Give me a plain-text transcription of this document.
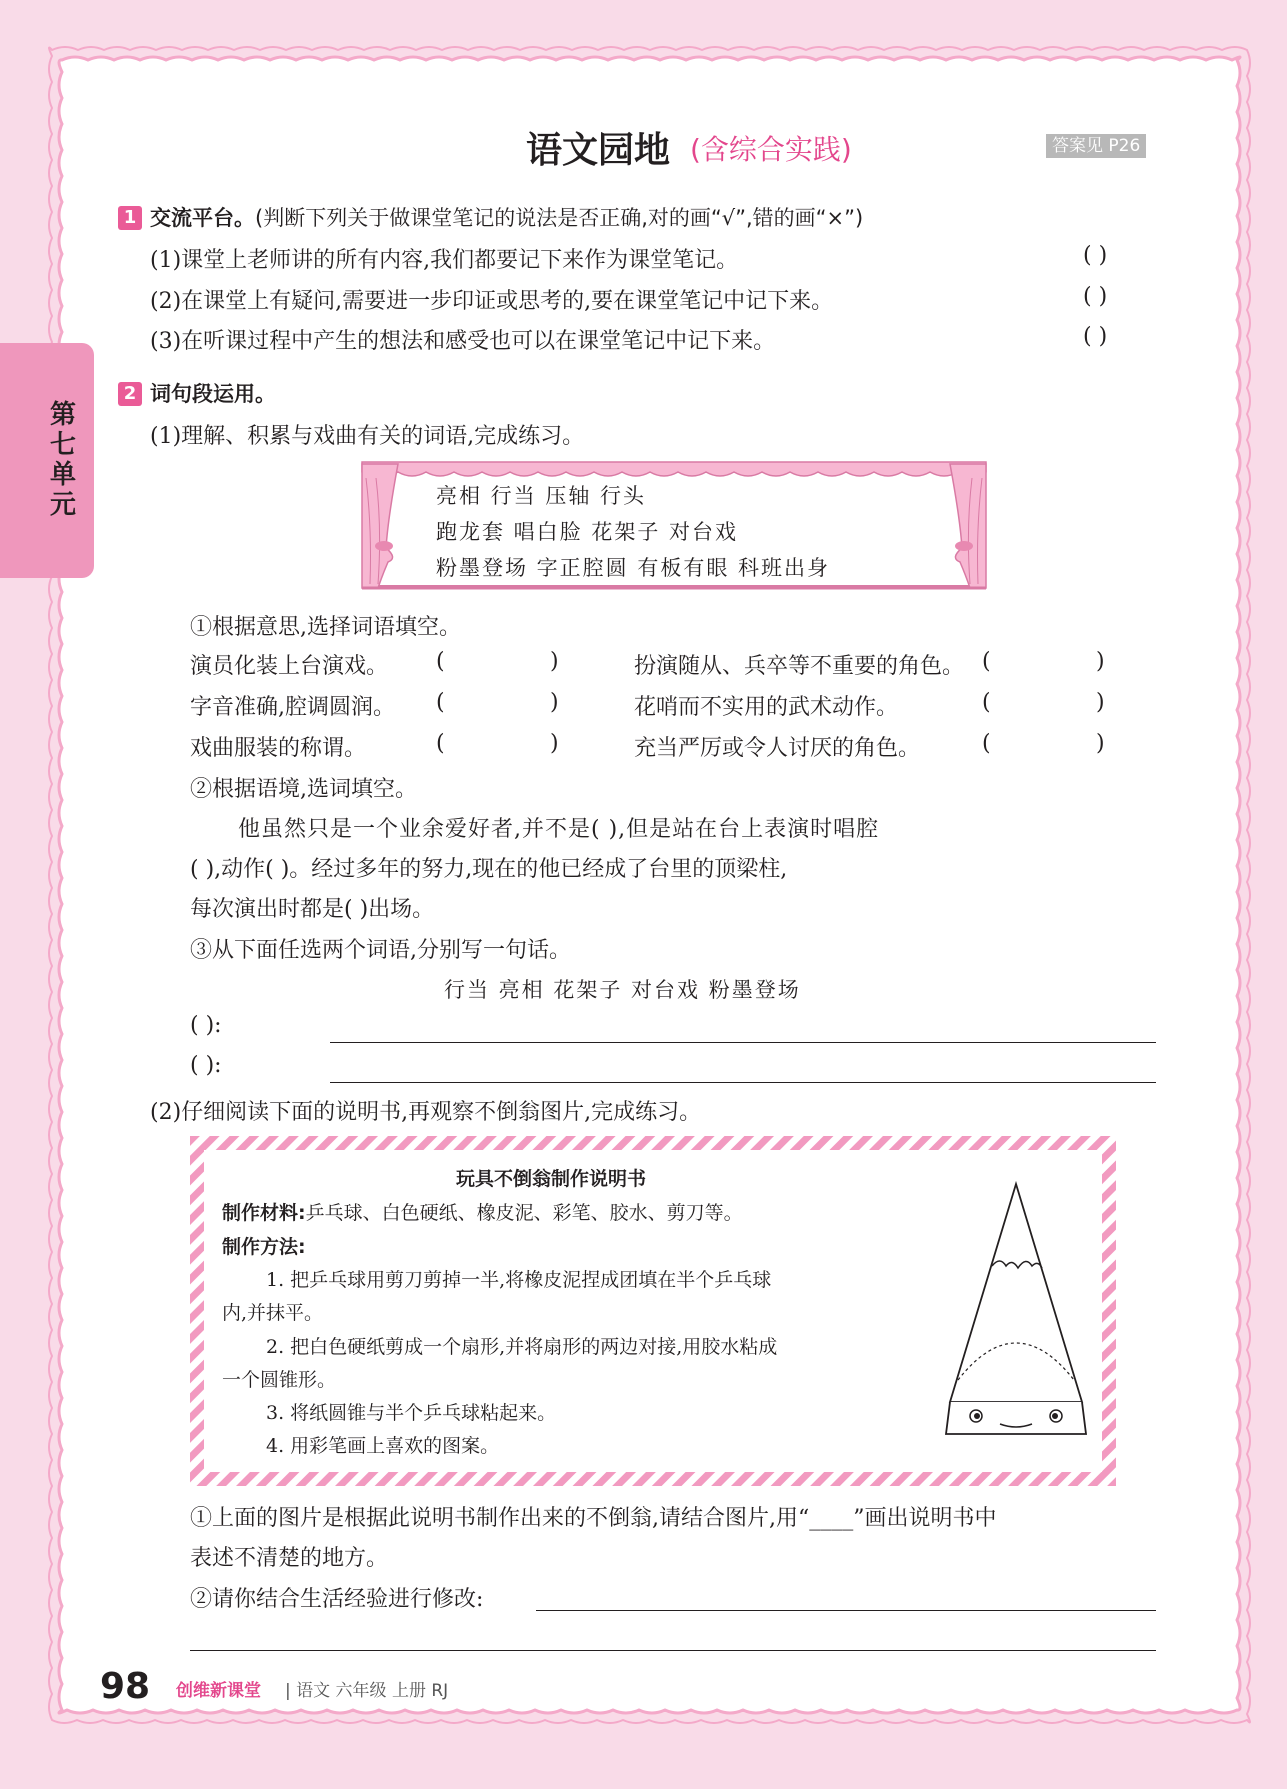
第七单元
语文园地 (含综合实践)	答案见 P26
1 交流平台。(判断下列关于做课堂笔记的说法是否正确,对的画“√”,错的画“×”)
(1)课堂上老师讲的所有内容,我们都要记下来作为课堂笔记。	( )
(2)在课堂上有疑问,需要进一步印证或思考的,要在课堂笔记中记下来。	( )
(3)在听课过程中产生的想法和感受也可以在课堂笔记中记下来。	( )
2 词句段运用。
(1)理解、积累与戏曲有关的词语,完成练习。
亮相 行当 压轴 行头
跑龙套 唱白脸 花架子 对台戏
粉墨登场 字正腔圆 有板有眼 科班出身
①根据意思,选择词语填空。
演员化装上台演戏。 (	)	扮演随从、兵卒等不重要的角色。 (	)
字音准确,腔调圆润。 (	)	花哨而不实用的武术动作。	(	)
戏曲服装的称谓。	(	)	充当严厉或令人讨厌的角色。	(	)
②根据语境,选词填空。
他虽然只是一个业余爱好者,并不是( ),但是站在台上表演时唱腔
( ),动作( )。经过多年的努力,现在的他已经成了台里的顶梁柱,
每次演出时都是( )出场。
③从下面任选两个词语,分别写一句话。
行当 亮相 花架子 对台戏 粉墨登场
( ):
( ):
(2)仔细阅读下面的说明书,再观察不倒翁图片,完成练习。
玩具不倒翁制作说明书
制作材料:乒乓球、白色硬纸、橡皮泥、彩笔、胶水、剪刀等。
制作方法:
1. 把乒乓球用剪刀剪掉一半,将橡皮泥捏成团填在半个乒乓球
内,并抹平。
2. 把白色硬纸剪成一个扇形,并将扇形的两边对接,用胶水粘成
一个圆锥形。
3. 将纸圆锥与半个乒乓球粘起来。
4. 用彩笔画上喜欢的图案。
①上面的图片是根据此说明书制作出来的不倒翁,请结合图片,用“____”画出说明书中
表述不清楚的地方。
②请你结合生活经验进行修改:
98 创维新课堂 | 语文 六年级 上册 RJ
